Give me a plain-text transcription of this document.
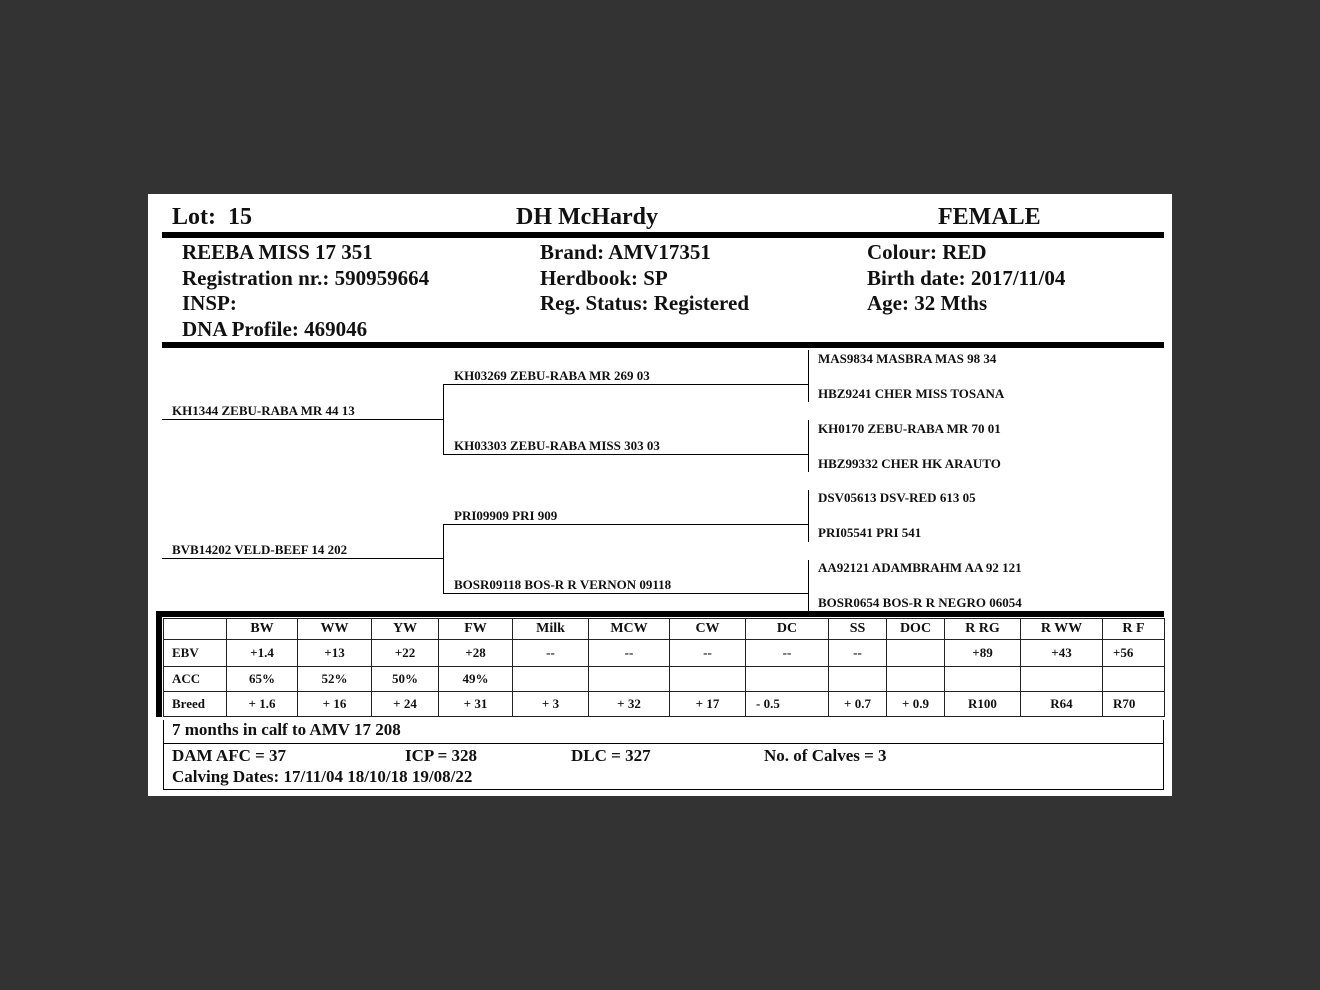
Lot: 15	DH McHardy	FEMALE
REEBA MISS 17 351
Registration nr.: 590959664
INSP:
DNA Profile: 469046
Brand: AMV17351
Herdbook: SP
Reg. Status: Registered
Colour: RED
Birth date: 2017/11/04
Age: 32 Mths
KH1344 ZEBU-RABA MR 44 13
BVB14202 VELD-BEEF 14 202
KH03269 ZEBU-RABA MR 269 03
KH03303 ZEBU-RABA MISS 303 03
PRI09909 PRI 909
BOSR09118 BOS-R R VERNON 09118
MAS9834 MASBRA MAS 98 34
HBZ9241 CHER MISS TOSANA
KH0170 ZEBU-RABA MR 70 01
HBZ99332 CHER HK ARAUTO
DSV05613 DSV-RED 613 05
PRI05541 PRI 541
AA92121 ADAMBRAHM AA 92 121
BOSR0654 BOS-R R NEGRO 06054
	BW	WW	YW	FW	Milk	MCW	CW	DC	SS	DOC	R RG	R WW	R F
EBV	+1.4	+13	+22	+28	--	--	--	--	--		+89	+43	+56
ACC	65%	52%	50%	49%									
Breed	+ 1.6	+ 16	+ 24	+ 31	+ 3	+ 32	+ 17	- 0.5	+ 0.7	+ 0.9	R100	R64	R70
7 months in calf to AMV 17 208
DAM AFC = 37	ICP = 328	DLC = 327	No. of Calves = 3
Calving Dates: 17/11/04 18/10/18 19/08/22
